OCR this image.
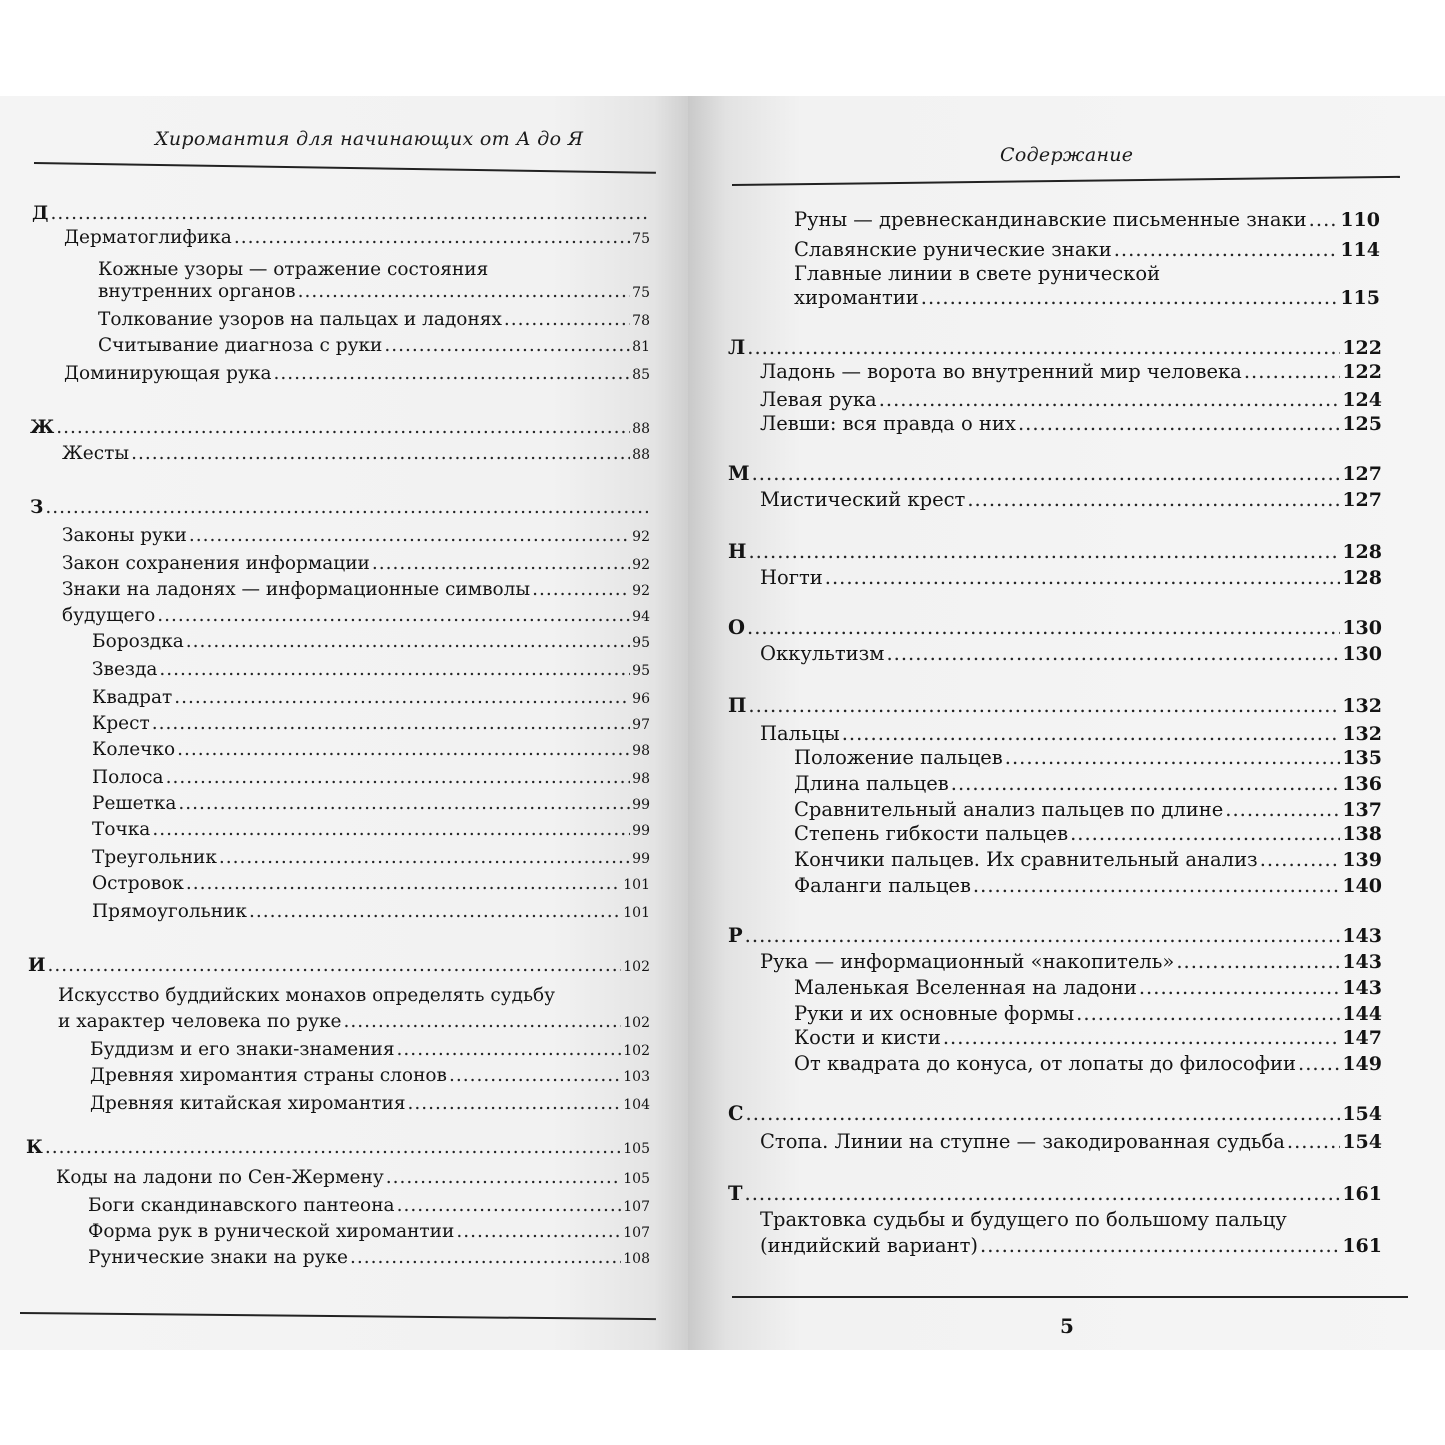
Хиромантия для начинающих от А до Я
Д
.....
Дерматоглифика .....	75
Кожные узоры — отражение состояния
внутренних органов .....	75
Толкование узоров на пальцах и ладонях .....	78
Считывание диагноза с руки .....	81
Доминирующая рука .....	85
Ж .....	88
Жесты .....	88
З
.....
Законы руки .....	92
Закон сохранения информации .....	92
Знаки на ладонях — информационные символы .....	92
будущего .....	94
Бороздка .....	95
Звезда .....	95
Квадрат .....	96
Крест .....	97
Колечко .....	98
Полоса .....	98
Решетка .....	99
Точка .....	99
Треугольник .....	99
Островок .....	101
Прямоугольник .....	101
И .....	102
Искусство буддийских монахов определять судьбу
и характер человека по руке .....	102
Буддизм и его знаки-знамения .....	102
Древняя хиромантия страны слонов .....	103
Древняя китайская хиромантия .....	104
К .....	105
Коды на ладони по Сен-Жермену .....	105
Боги скандинавского пантеона .....	107
Форма рук в рунической хиромантии .....	107
Рунические знаки на руке .....	108
Содержание
Руны — древнескандинавские письменные знаки ..... 110
Славянские рунические знаки .....	114
Главные линии в свете рунической
хиромантии .....	115
Л .....	122
Ладонь — ворота во внутренний мир человека .....	122
Левая рука .....	124
Левши: вся правда о них .....	125
М .....	127
Мистический крест .....	127
Н .....	128
Ногти .....	128
О .....	130
Оккультизм .....	130
П .....	132
Пальцы .....	132
Положение пальцев .....	135
Длина пальцев .....	136
Сравнительный анализ пальцев по длине .....	137
Степень гибкости пальцев .....	138
Кончики пальцев. Их сравнительный анализ .....	139
Фаланги пальцев .....	140
Р .....	143
Рука — информационный «накопитель» .....	143
Маленькая Вселенная на ладони .....	143
Руки и их основные формы .....	144
Кости и кисти .....	147
От квадрата до конуса, от лопаты до философии ..... 149
С .....	154
Стопа. Линии на ступне — закодированная судьба .....	154
Т .....	161
Трактовка судьбы и будущего по большому пальцу
(индийский вариант) .....	161
5
